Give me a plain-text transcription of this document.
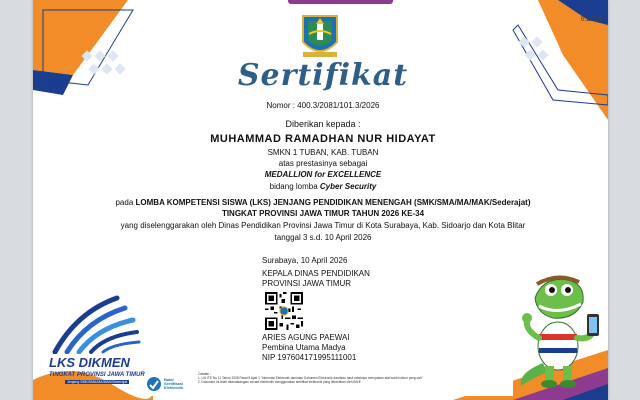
6.2015
Sertifikat
Nomor : 400.3/2081/101.3/2026
Diberikan kepada :
MUHAMMAD RAMADHAN NUR HIDAYAT
SMKN 1 TUBAN, KAB. TUBAN
atas prestasinya sebagai
MEDALLION for EXCELLENCE
bidang lomba Cyber Security
pada LOMBA KOMPETENSI SISWA (LKS) JENJANG PENDIDIKAN MENENGAH (SMK/SMA/MA/MAK/Sederajat)
TINGKAT PROVINSI JAWA TIMUR TAHUN 2026 KE-34
yang diselenggarakan oleh Dinas Pendidikan Provinsi Jawa Timur di Kota Surabaya, Kab. Sidoarjo dan Kota Blitar
tanggal 3 s.d. 10 April 2026
Surabaya, 10 April 2026
KEPALA DINAS PENDIDIKAN
PROVINSI JAWA TIMUR
ARIES AGUNG PAEWAI
Pembina Utama Madya
NIP 197604171995111001
Balai
Sertifikasi
Elektronik
Catatan :
1. UU ITE No 11 Tahun 2008 Pasal 5 Ayat 1 "Informasi Elektronik dan/atau Dokumen Elektronik dan/atau hasil cetaknya merupakan alat bukti hukum yang sah"
2. Dokumen ini telah ditandatangani secara elektronik menggunakan sertifikat elektronik yang diterbitkan oleh BSrE
LKS DIKMEN
TINGKAT PROVINSI JAWA TIMUR
Jenjang SMK/SMA/MA/MAK/Sederajat
